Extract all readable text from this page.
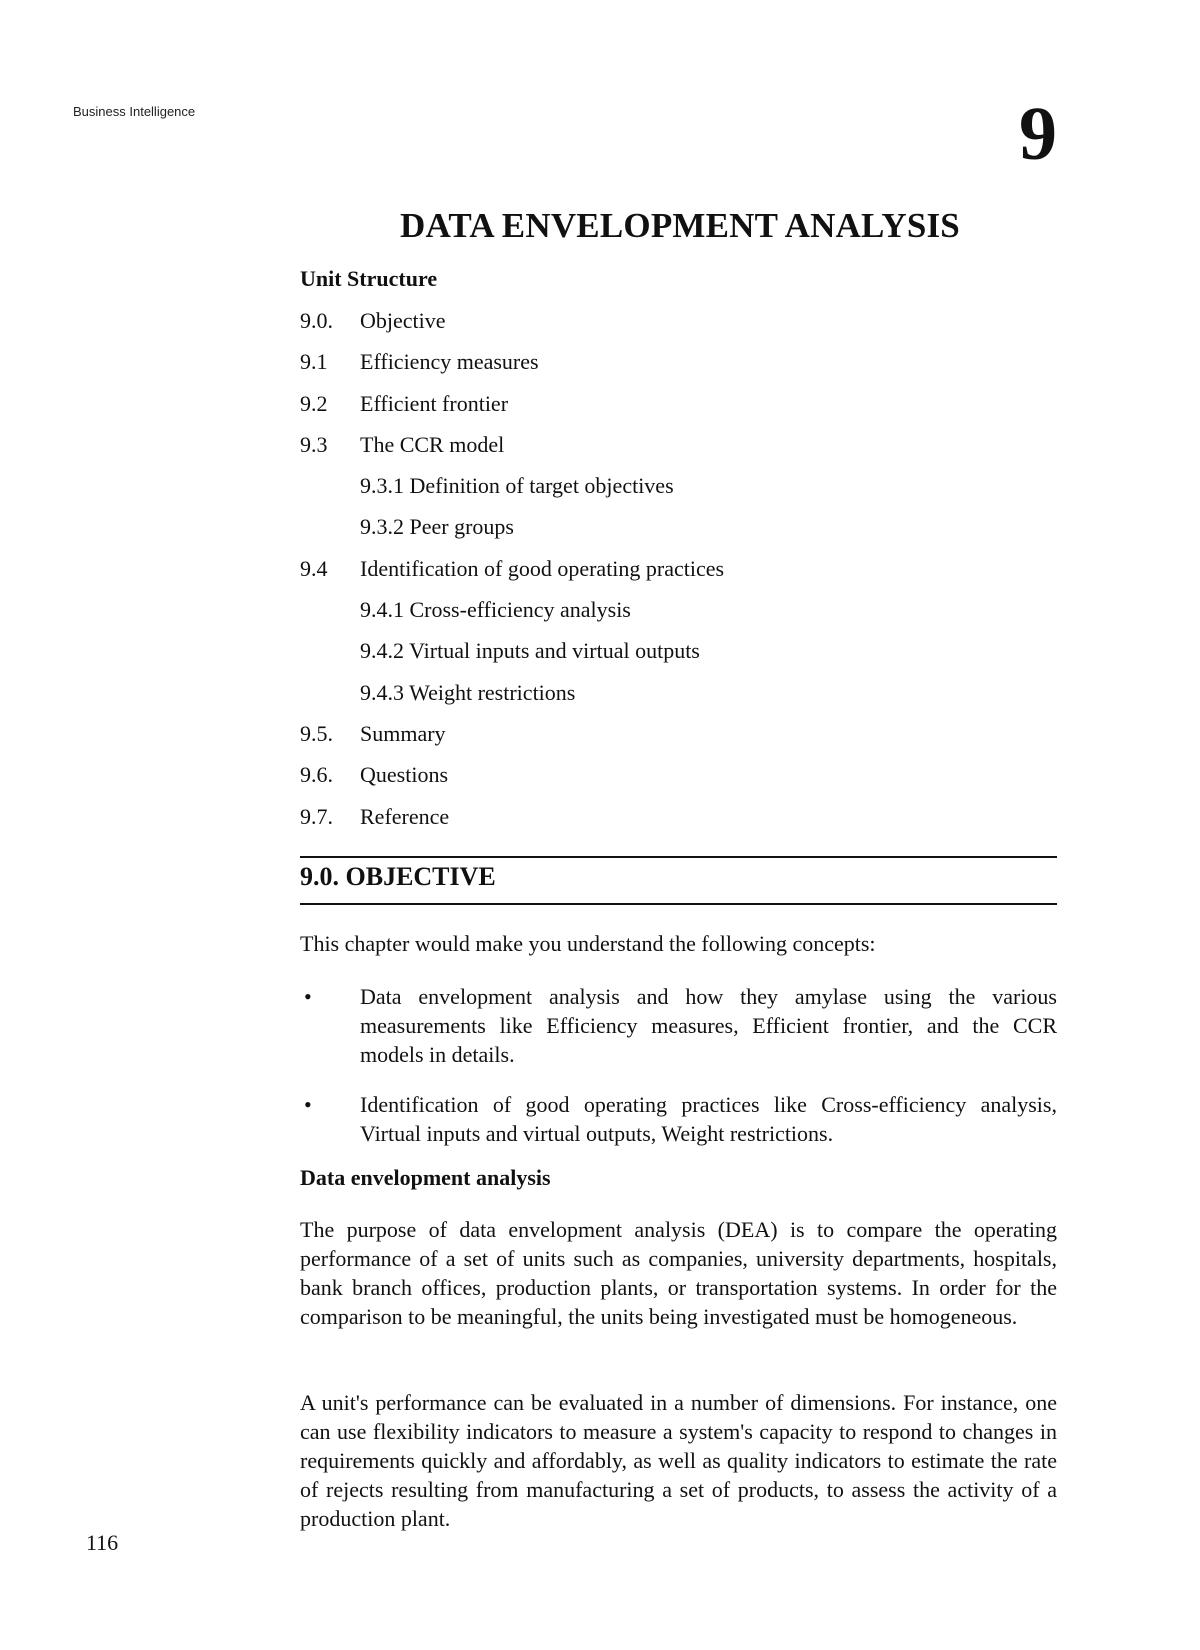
Business Intelligence	9
DATA ENVELOPMENT ANALYSIS
Unit Structure
9.0. Objective
9.1 Efficiency measures
9.2 Efficient frontier
9.3 The CCR model
9.3.1 Definition of target objectives
9.3.2 Peer groups
9.4 Identification of good operating practices
9.4.1 Cross-efficiency analysis
9.4.2 Virtual inputs and virtual outputs
9.4.3 Weight restrictions
9.5. Summary
9.6. Questions
9.7. Reference
9.0. OBJECTIVE
This chapter would make you understand the following concepts:
• Data envelopment analysis and how they amylase using the various measurements like Efficiency measures, Efficient frontier, and the CCR models in details.
• Identification of good operating practices like Cross-efficiency analysis, Virtual inputs and virtual outputs, Weight restrictions.
Data envelopment analysis
The purpose of data envelopment analysis (DEA) is to compare the operating performance of a set of units such as companies, university departments, hospitals, bank branch offices, production plants, or transportation systems. In order for the comparison to be meaningful, the units being investigated must be homogeneous.
A unit's performance can be evaluated in a number of dimensions. For instance, one can use flexibility indicators to measure a system's capacity to respond to changes in requirements quickly and affordably, as well as quality indicators to estimate the rate of rejects resulting from manufacturing a set of products, to assess the activity of a production plant.
116
